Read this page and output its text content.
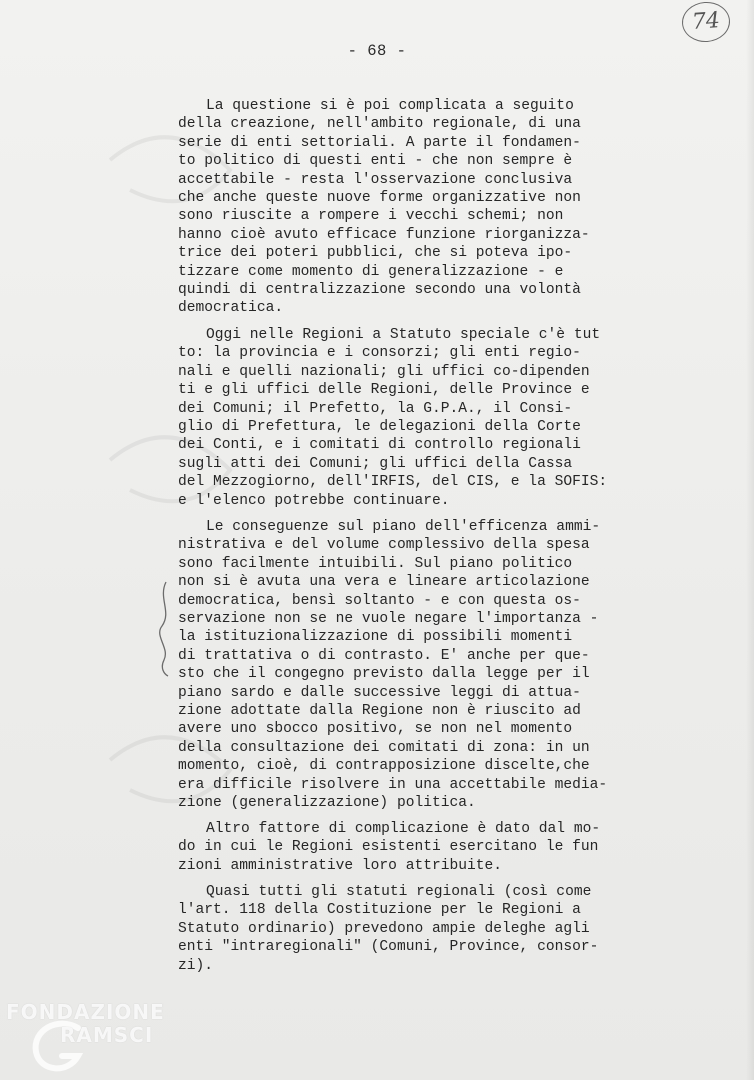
74
- 68 -
La questione si è poi complicata a seguito
della creazione, nell'ambito regionale, di una
serie di enti settoriali. A parte il fondamen-
to politico di questi enti - che non sempre è
accettabile - resta l'osservazione conclusiva
che anche queste nuove forme organizzative non
sono riuscite a rompere i vecchi schemi; non
hanno cioè avuto efficace funzione riorganizza-
trice dei poteri pubblici, che si poteva ipo-
tizzare come momento di generalizzazione - e
quindi di centralizzazione secondo una volontà
democratica.
Oggi nelle Regioni a Statuto speciale c'è tut
to: la provincia e i consorzi; gli enti regio-
nali e quelli nazionali; gli uffici co-dipenden
ti e gli uffici delle Regioni, delle Province e
dei Comuni; il Prefetto, la G.P.A., il Consi-
glio di Prefettura, le delegazioni della Corte
dei Conti, e i comitati di controllo regionali
sugli atti dei Comuni; gli uffici della Cassa
del Mezzogiorno, dell'IRFIS, del CIS, e la SOFIS:
e l'elenco potrebbe continuare.
Le conseguenze sul piano dell'efficenza ammi-
nistrativa e del volume complessivo della spesa
sono facilmente intuibili. Sul piano politico
non si è avuta una vera e lineare articolazione
democratica, bensì soltanto - e con questa os-
servazione non se ne vuole negare l'importanza -
la istituzionalizzazione di possibili momenti
di trattativa o di contrasto. E' anche per que-
sto che il congegno previsto dalla legge per il
piano sardo e dalle successive leggi di attua-
zione adottate dalla Regione non è riuscito ad
avere uno sbocco positivo, se non nel momento
della consultazione dei comitati di zona: in un
momento, cioè, di contrapposizione discelte,che
era difficile risolvere in una accettabile media-
zione (generalizzazione) politica.
Altro fattore di complicazione è dato dal mo-
do in cui le Regioni esistenti esercitano le fun
zioni amministrative loro attribuite.
Quasi tutti gli statuti regionali (così come
l'art. 118 della Costituzione per le Regioni a
Statuto ordinario) prevedono ampie deleghe agli
enti "intraregionali" (Comuni, Province, consor-
zi).
FONDAZIONE
RAMSCI
